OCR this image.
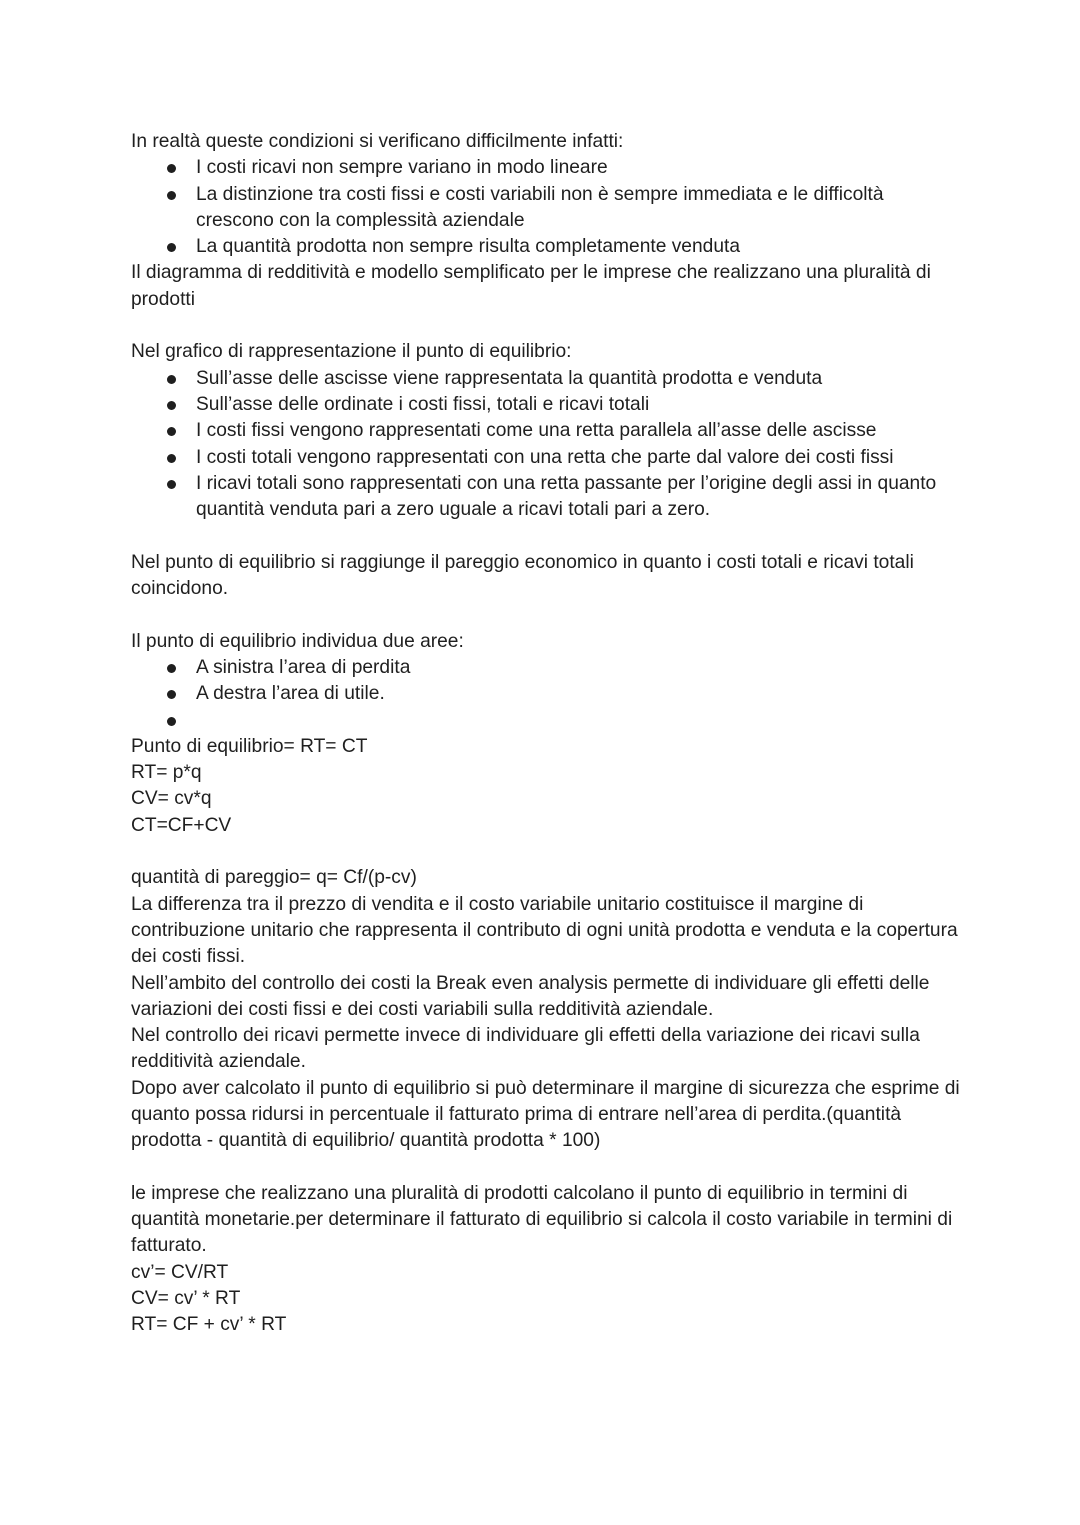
In realtà queste condizioni si verificano difficilmente infatti:

I costi ricavi non sempre variano in modo lineare
La distinzione tra costi fissi e costi variabili non è sempre immediata e le difficoltà crescono con la complessità aziendale
La quantità prodotta non sempre risulta completamente venduta

Il diagramma di redditività e modello semplificato per le imprese che realizzano una pluralità di prodotti

Nel grafico di rappresentazione il punto di equilibrio:

Sull’asse delle ascisse viene rappresentata la quantità prodotta e venduta
Sull’asse delle ordinate i costi fissi, totali e ricavi totali
I costi fissi vengono rappresentati come una retta parallela all’asse delle ascisse
I costi totali vengono rappresentati con una retta che parte dal valore dei costi fissi
I ricavi totali sono rappresentati con una retta passante per l’origine degli assi in quanto quantità venduta pari a zero uguale a ricavi totali pari a zero.

Nel punto di equilibrio si raggiunge il pareggio economico in quanto i costi totali e ricavi totali coincidono.

Il punto di equilibrio individua due aree:

A sinistra l’area di perdita
A destra l’area di utile.

Punto di equilibrio= RT= CT

RT= p*q

CV= cv*q

CT=CF+CV

quantità di pareggio= q= Cf/(p-cv)

La differenza tra il prezzo di vendita e il costo variabile unitario costituisce il margine di contribuzione unitario che rappresenta il contributo di ogni unità prodotta e venduta e la copertura dei costi fissi.

Nell’ambito del controllo dei costi la Break even analysis permette di individuare gli effetti delle variazioni dei costi fissi e dei costi variabili sulla redditività aziendale.

Nel controllo dei ricavi permette invece di individuare gli effetti della variazione dei ricavi sulla redditività aziendale.

Dopo aver calcolato il punto di equilibrio si può determinare il margine di sicurezza che esprime di quanto possa ridursi in percentuale il fatturato prima di entrare nell’area di perdita.(quantità prodotta - quantità di equilibrio/ quantità prodotta * 100)

le imprese che realizzano una pluralità di prodotti calcolano il punto di equilibrio in termini di quantità monetarie.per determinare il fatturato di equilibrio si calcola il costo variabile in termini di fatturato.

cv’= CV/RT

CV= cv’ * RT

RT= CF + cv’ * RT
